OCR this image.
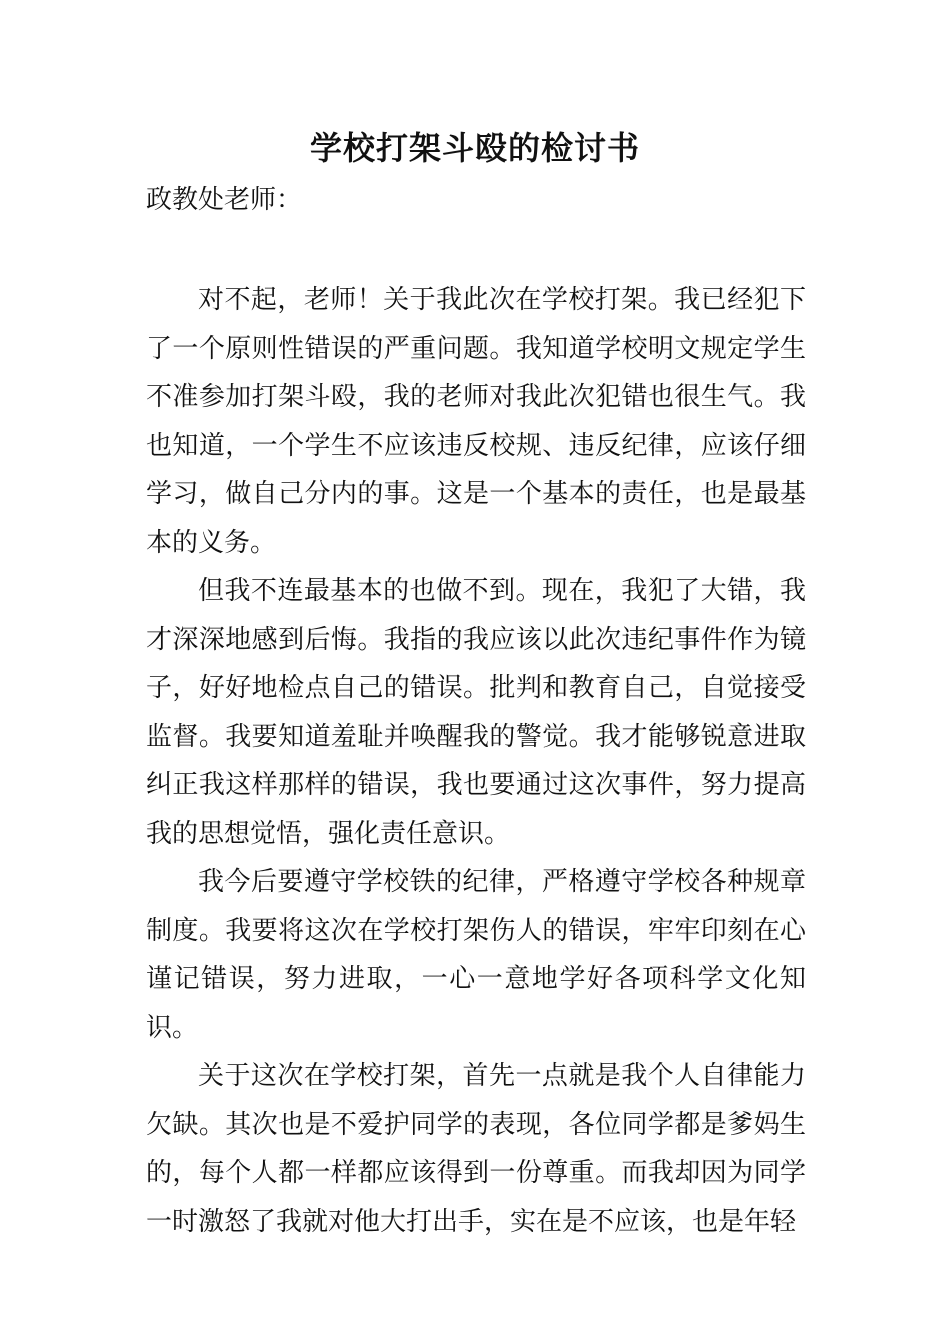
学校打架斗殴的检讨书

政教处老师：

对不起，老师！关于我此次在学校打架。我已经犯下了一个原则性错误的严重问题。我知道学校明文规定学生不准参加打架斗殴，我的老师对我此次犯错也很生气。我也知道，一个学生不应该违反校规、违反纪律，应该仔细学习，做自己分内的事。这是一个基本的责任，也是最基本的义务。

但我不连最基本的也做不到。现在，我犯了大错，我才深深地感到后悔。我指的我应该以此次违纪事件作为镜子，好好地检点自己的错误。批判和教育自己，自觉接受监督。我要知道羞耻并唤醒我的警觉。我才能够锐意进取纠正我这样那样的错误，我也要通过这次事件，努力提高我的思想觉悟，强化责任意识。

我今后要遵守学校铁的纪律，严格遵守学校各种规章制度。我要将这次在学校打架伤人的错误，牢牢印刻在心谨记错误，努力进取，一心一意地学好各项科学文化知识。

关于这次在学校打架，首先一点就是我个人自律能力欠缺。其次也是不爱护同学的表现，各位同学都是爹妈生的，每个人都一样都应该得到一份尊重。而我却因为同学一时激怒了我就对他大打出手，实在是不应该，也是年轻
